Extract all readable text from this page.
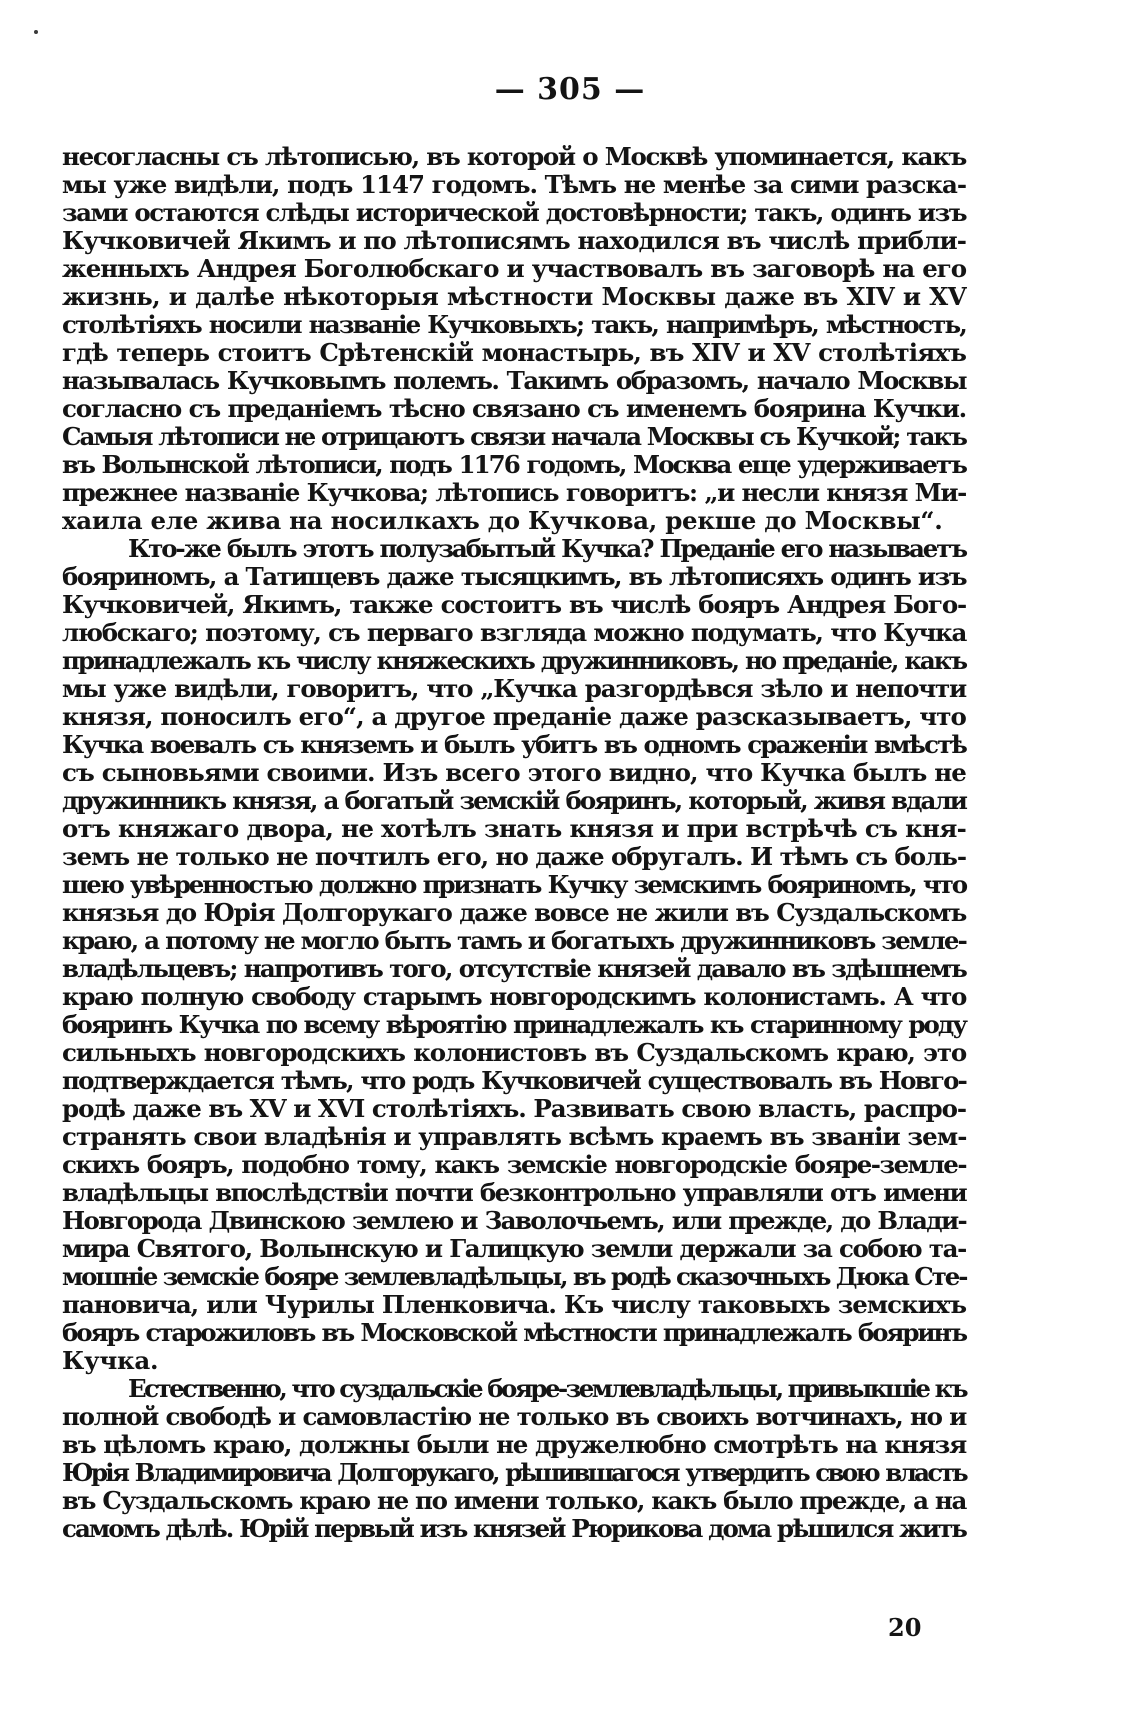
— 305 —
несогласны съ лѣтописью, въ которой о Москвѣ упоминается, какъ
мы уже видѣли, подъ 1147 годомъ. Тѣмъ не менѣе за сими разска-
зами остаются слѣды исторической достовѣрности; такъ, одинъ изъ
Кучковичей Якимъ и по лѣтописямъ находился въ числѣ прибли-
женныхъ Андрея Боголюбскаго и участвовалъ въ заговорѣ на его
жизнь, и далѣе нѣкоторыя мѣстности Москвы даже въ XIV и XV
столѣтіяхъ носили названіе Кучковыхъ; такъ, напримѣръ, мѣстность,
гдѣ теперь стоитъ Срѣтенскій монастырь, въ XIV и XV столѣтіяхъ
называлась Кучковымъ полемъ. Такимъ образомъ, начало Москвы
согласно съ преданіемъ тѣсно связано съ именемъ боярина Кучки.
Самыя лѣтописи не отрицаютъ связи начала Москвы съ Кучкой; такъ
въ Волынской лѣтописи, подъ 1176 годомъ, Москва еще удерживаетъ
прежнее названіе Кучкова; лѣтопись говоритъ: „и несли князя Ми-
хаила еле жива на носилкахъ до Кучкова, рекше до Москвы“.
Кто-же былъ этотъ полузабытый Кучка? Преданіе его называетъ
бояриномъ, а Татищевъ даже тысяцкимъ, въ лѣтописяхъ одинъ изъ
Кучковичей, Якимъ, также состоитъ въ числѣ бояръ Андрея Бого-
любскаго; поэтому, съ перваго взгляда можно подумать, что Кучка
принадлежалъ къ числу княжескихъ дружинниковъ, но преданіе, какъ
мы уже видѣли, говоритъ, что „Кучка разгордѣвся зѣло и непочти
князя, поносилъ его“, а другое преданіе даже разсказываетъ, что
Кучка воевалъ съ княземъ и былъ убитъ въ одномъ сраженіи вмѣстѣ
съ сыновьями своими. Изъ всего этого видно, что Кучка былъ не
дружинникъ князя, а богатый земскій бояринъ, который, живя вдали
отъ княжаго двора, не хотѣлъ знать князя и при встрѣчѣ съ кня-
земъ не только не почтилъ его, но даже обругалъ. И тѣмъ съ боль-
шею увѣренностью должно признать Кучку земскимъ бояриномъ, что
князья до Юрія Долгорукаго даже вовсе не жили въ Суздальскомъ
краю, а потому не могло быть тамъ и богатыхъ дружинниковъ земле-
владѣльцевъ; напротивъ того, отсутствіе князей давало въ здѣшнемъ
краю полную свободу старымъ новгородскимъ колонистамъ. А что
бояринъ Кучка по всему вѣроятію принадлежалъ къ старинному роду
сильныхъ новгородскихъ колонистовъ въ Суздальскомъ краю, это
подтверждается тѣмъ, что родъ Кучковичей существовалъ въ Новго-
родѣ даже въ XV и XVI столѣтіяхъ. Развивать свою власть, распро-
странять свои владѣнія и управлять всѣмъ краемъ въ званіи зем-
скихъ бояръ, подобно тому, какъ земскіе новгородскіе бояре-земле-
владѣльцы впослѣдствіи почти безконтрольно управляли отъ имени
Новгорода Двинскою землею и Заволочьемъ, или прежде, до Влади-
мира Святого, Волынскую и Галицкую земли держали за собою та-
мошніе земскіе бояре землевладѣльцы, въ родѣ сказочныхъ Дюка Сте-
пановича, или Чурилы Пленковича. Къ числу таковыхъ земскихъ
бояръ старожиловъ въ Московской мѣстности принадлежалъ бояринъ
Кучка.
Естественно, что суздальскіе бояре-землевладѣльцы, привыкшіе къ
полной свободѣ и самовластію не только въ своихъ вотчинахъ, но и
въ цѣломъ краю, должны были не дружелюбно смотрѣть на князя
Юрія Владимировича Долгорукаго, рѣшившагося утвердить свою власть
въ Суздальскомъ краю не по имени только, какъ было прежде, а на
самомъ дѣлѣ. Юрій первый изъ князей Рюрикова дома рѣшился жить
20
